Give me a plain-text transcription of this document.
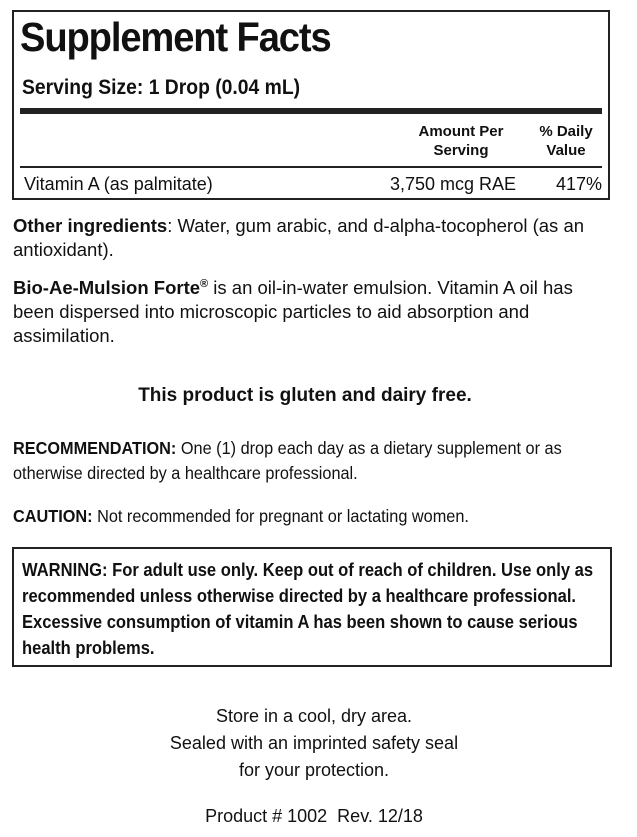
Supplement Facts
Serving Size: 1 Drop (0.04 mL)
Amount Per
Serving
% Daily
Value
Vitamin A (as palmitate)	3,750 mcg RAE	417%
Other ingredients: Water, gum arabic, and d-alpha-tocopherol (as an antioxidant).
Bio-Ae-Mulsion Forte® is an oil-in-water emulsion. Vitamin A oil has been dispersed into microscopic particles to aid absorption and assimilation.
This product is gluten and dairy free.
RECOMMENDATION: One (1) drop each day as a dietary supplement or as otherwise directed by a healthcare professional.
CAUTION: Not recommended for pregnant or lactating women.
WARNING: For adult use only. Keep out of reach of children. Use only as recommended unless otherwise directed by a healthcare professional. Excessive consumption of vitamin A has been shown to cause serious health problems.
Store in a cool, dry area.
Sealed with an imprinted safety seal
for your protection.
Product # 1002  Rev. 12/18
